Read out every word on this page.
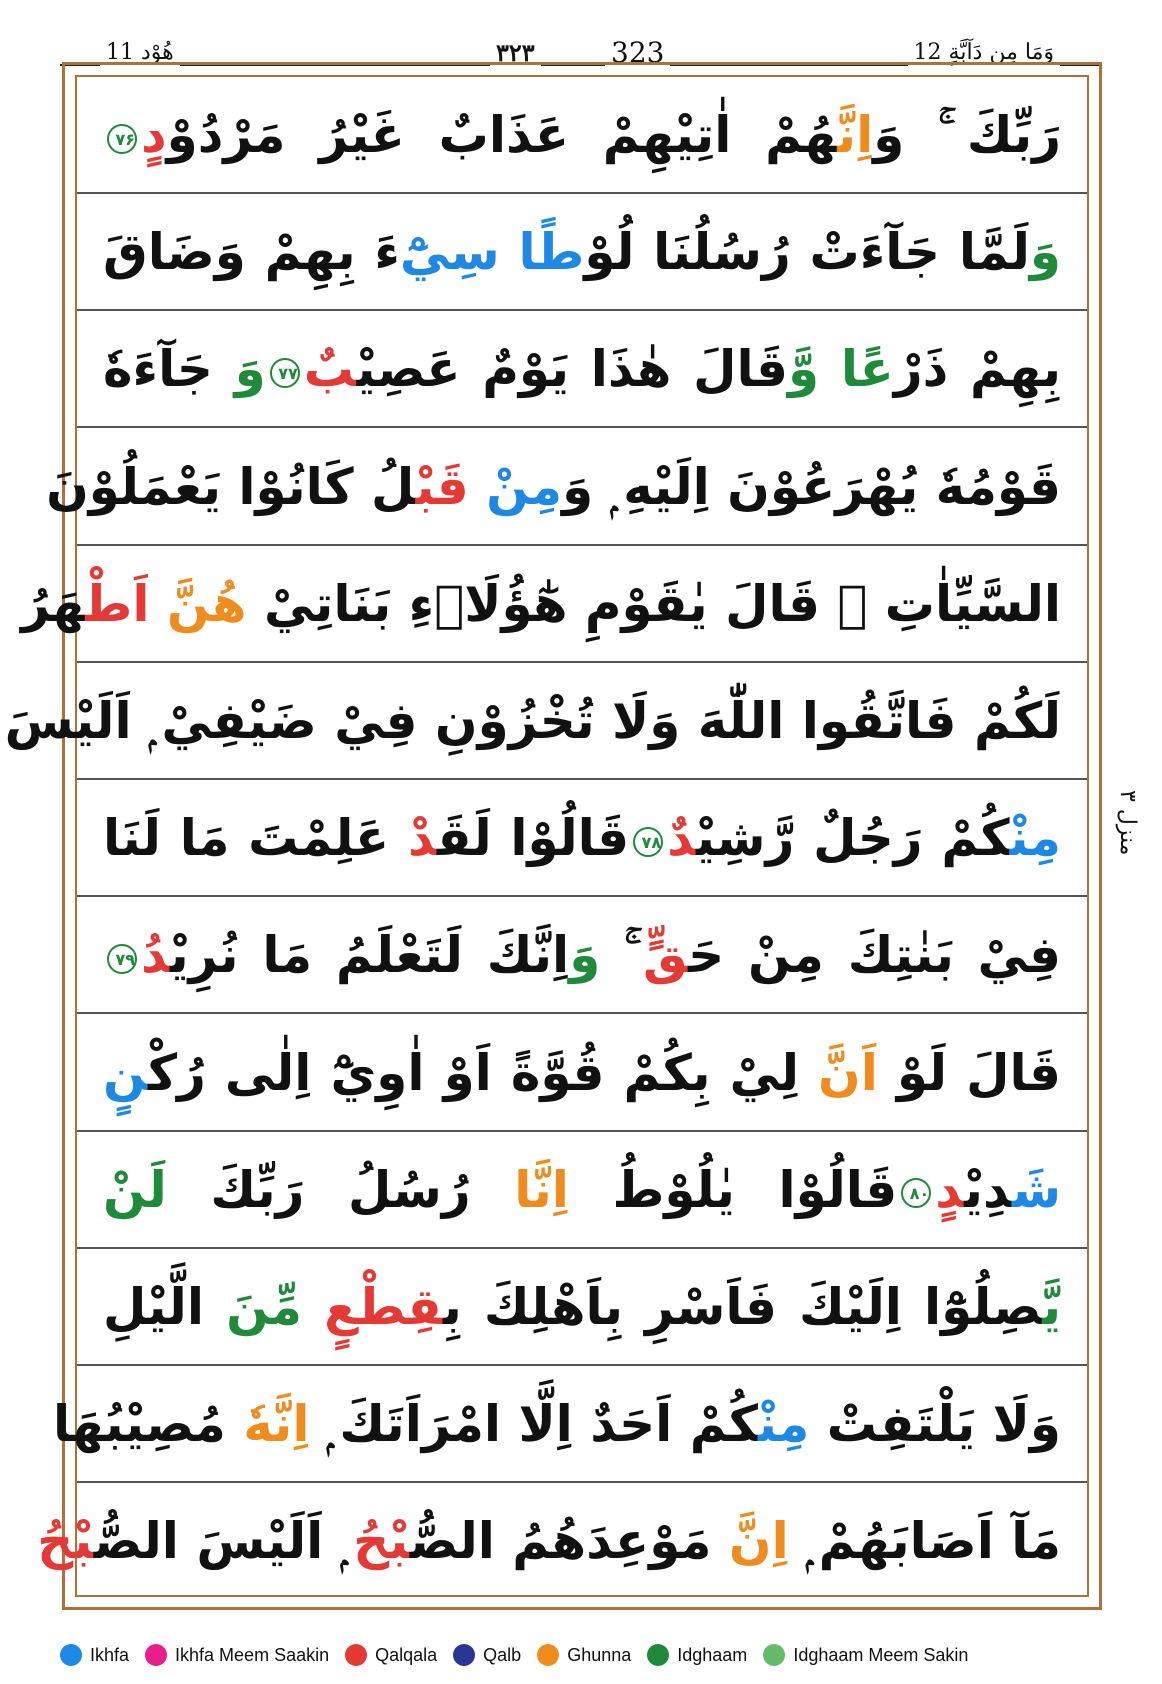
11 هُوْد	۳۲۳	323	12 وَمَا مِن دَآبَّةٍ
رَبِّكَ ۚ وَاِنَّهُمْ اٰتِيْهِمْ عَذَابٌ غَيْرُ مَرْدُوْدٍ۷۶
وَلَمَّا جَآءَتْ رُسُلُنَا لُوْطًا سِيْٓءَ بِهِمْ وَضَاقَ
بِهِمْ ذَرْعًا وَّقَالَ هٰذَا يَوْمٌ عَصِيْبٌ۷۷وَ جَآءَهٗ
قَوْمُهٗ يُهْرَعُوْنَ اِلَيْهِ ۭ وَمِنْ قَبْلُ كَانُوْا يَعْمَلُوْنَ
السَّيِّاٰتِ ۭ قَالَ يٰقَوْمِ هٰٓؤُلَاۤءِ بَنَاتِيْ هُنَّ اَطْهَرُ
لَكُمْ فَاتَّقُوا اللّٰهَ وَلَا تُخْزُوْنِ فِيْ ضَيْفِيْ ۭ اَلَيْسَ
مِنْكُمْ رَجُلٌ رَّشِيْدٌ۷۸قَالُوْا لَقَدْ عَلِمْتَ مَا لَنَا
فِيْ بَنٰتِكَ مِنْ حَقٍّ ۚ وَاِنَّكَ لَتَعْلَمُ مَا نُرِيْدُ۷۹
قَالَ لَوْ اَنَّ لِيْ بِكُمْ قُوَّةً اَوْ اٰوِيْٓ اِلٰى رُكْنٍ
شَدِيْدٍ۸۰قَالُوْا يٰلُوْطُ اِنَّا رُسُلُ رَبِّكَ لَنْ
يَّصِلُوْٓا اِلَيْكَ فَاَسْرِ بِاَهْلِكَ بِقِطْعٍ مِّنَ الَّيْلِ
وَلَا يَلْتَفِتْ مِنْكُمْ اَحَدٌ اِلَّا امْرَاَتَكَ ۭ اِنَّهٗ مُصِيْبُهَا
مَآ اَصَابَهُمْ ۭ اِنَّ مَوْعِدَهُمُ الصُّبْحُ ۭ اَلَيْسَ الصُّبْحُ
منزل ۳
Ikhfa	Ikhfa Meem Saakin	Qalqala	Qalb	Ghunna	Idghaam	Idghaam Meem Sakin
